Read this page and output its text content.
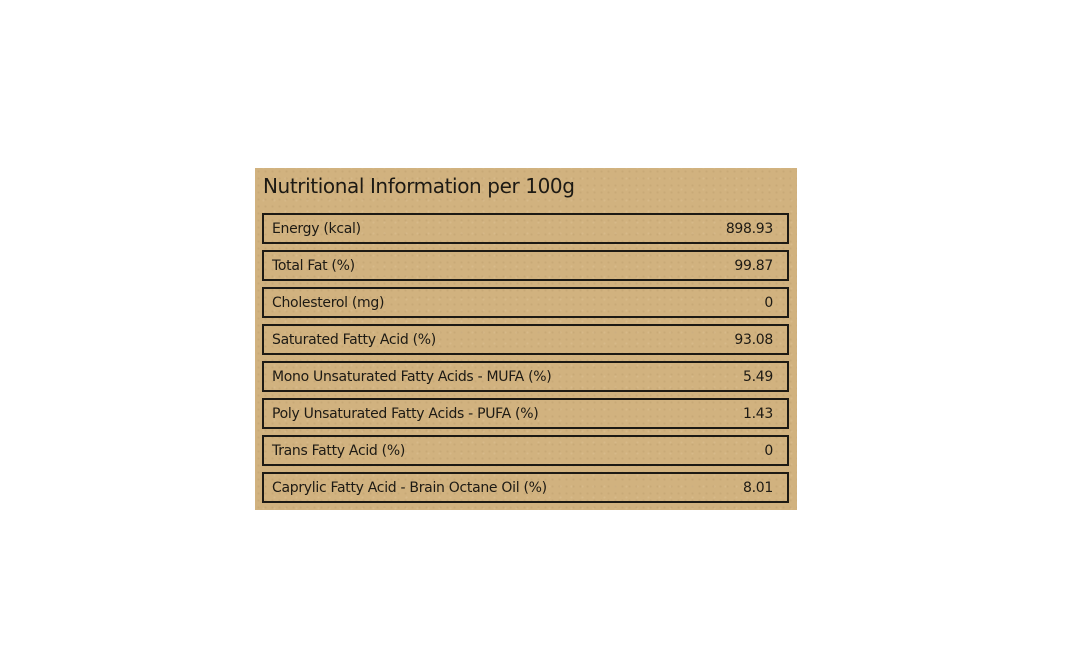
Nutritional Information per 100g
Energy (kcal)	898.93
Total Fat (%)	99.87
Cholesterol (mg)	0
Saturated Fatty Acid (%)	93.08
Mono Unsaturated Fatty Acids - MUFA (%)	5.49
Poly Unsaturated Fatty Acids - PUFA (%)	1.43
Trans Fatty Acid (%)	0
Caprylic Fatty Acid - Brain Octane Oil (%)	8.01
